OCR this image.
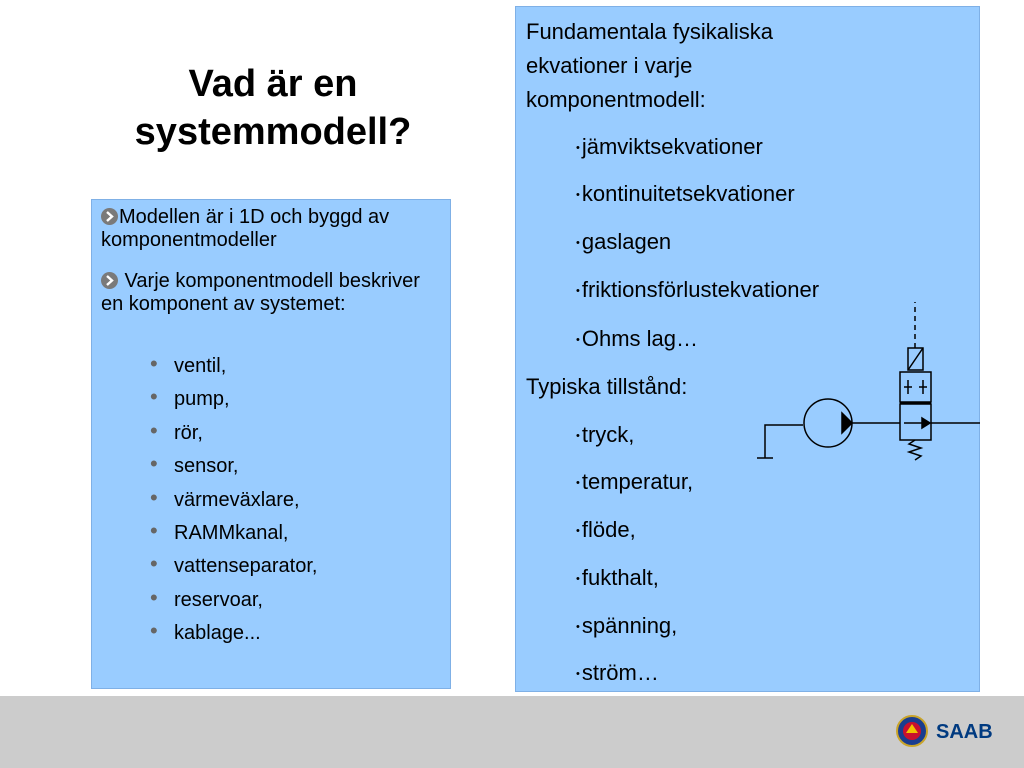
Vad är en systemmodell?
Modellen är i 1D och byggd av komponentmodeller
Varje komponentmodell beskriver en komponent av systemet:
• ventil,
• pump,
• rör,
• sensor,
• värmeväxlare,
• RAMMkanal,
• vattenseparator,
• reservoar,
• kablage...
Fundamentala fysikaliska ekvationer i varje komponentmodell:
•jämviktsekvationer
•kontinuitetsekvationer
•gaslagen
•friktionsförlustekvationer
•Ohms lag…
Typiska tillstånd:
•tryck,
•temperatur,
•flöde,
•fukthalt,
•spänning,
•ström…
SAAB
